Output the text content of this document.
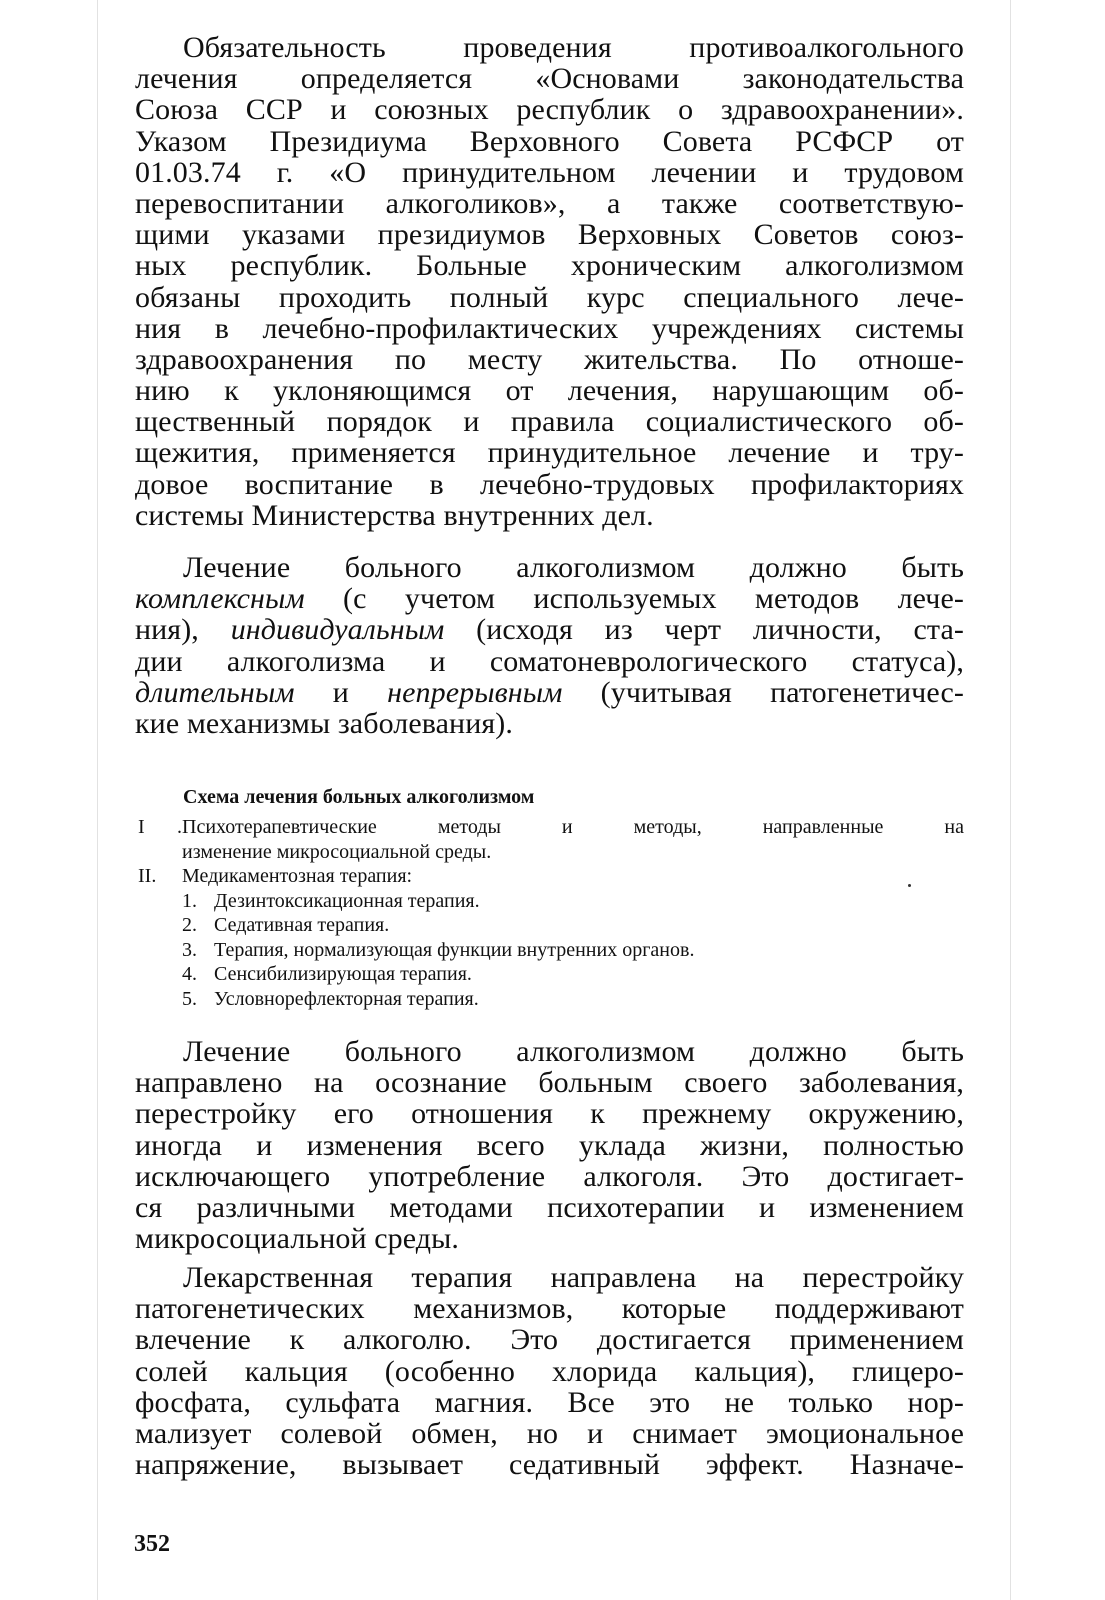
Обязательность проведения противоалкогольного
лечения определяется «Основами законодательства
Союза ССР и союзных республик о здравоохранении».
Указом Президиума Верховного Совета РСФСР от
01.03.74 г. «О принудительном лечении и трудовом
перевоспитании алкоголиков», а также соответствую-
щими указами президиумов Верховных Советов союз-
ных республик. Больные хроническим алкоголизмом
обязаны проходить полный курс специального лече-
ния в лечебно-профилактических учреждениях системы
здравоохранения по месту жительства. По отноше-
нию к уклоняющимся от лечения, нарушающим об-
щественный порядок и правила социалистического об-
щежития, применяется принудительное лечение и тру-
довое воспитание в лечебно-трудовых профилакториях
системы Министерства внутренних дел.
Лечение больного алкоголизмом должно быть
комплексным (с учетом используемых методов лече-
ния), индивидуальным (исходя из черт личности, ста-
дии алкоголизма и соматоневрологического статуса),
длительным и непрерывным (учитывая патогенетичес-
кие механизмы заболевания).
Схема лечения больных алкоголизмом
I .Психотерапевтические методы и методы, направленные на
изменение микросоциальной среды.
II. Медикаментозная терапия:
1. Дезинтоксикационная терапия.
2. Седативная терапия.
3. Терапия, нормализующая функции внутренних органов.
4. Сенсибилизирующая терапия.
5. Условнорефлекторная терапия.
Лечение больного алкоголизмом должно быть
направлено на осознание больным своего заболевания,
перестройку его отношения к прежнему окружению,
иногда и изменения всего уклада жизни, полностью
исключающего употребление алкоголя. Это достигает-
ся различными методами психотерапии и изменением
микросоциальной среды.
Лекарственная терапия направлена на перестройку
патогенетических механизмов, которые поддерживают
влечение к алкоголю. Это достигается применением
солей кальция (особенно хлорида кальция), глицеро-
фосфата, сульфата магния. Все это не только нор-
мализует солевой обмен, но и снимает эмоциональное
напряжение, вызывает седативный эффект. Назначе-
352
